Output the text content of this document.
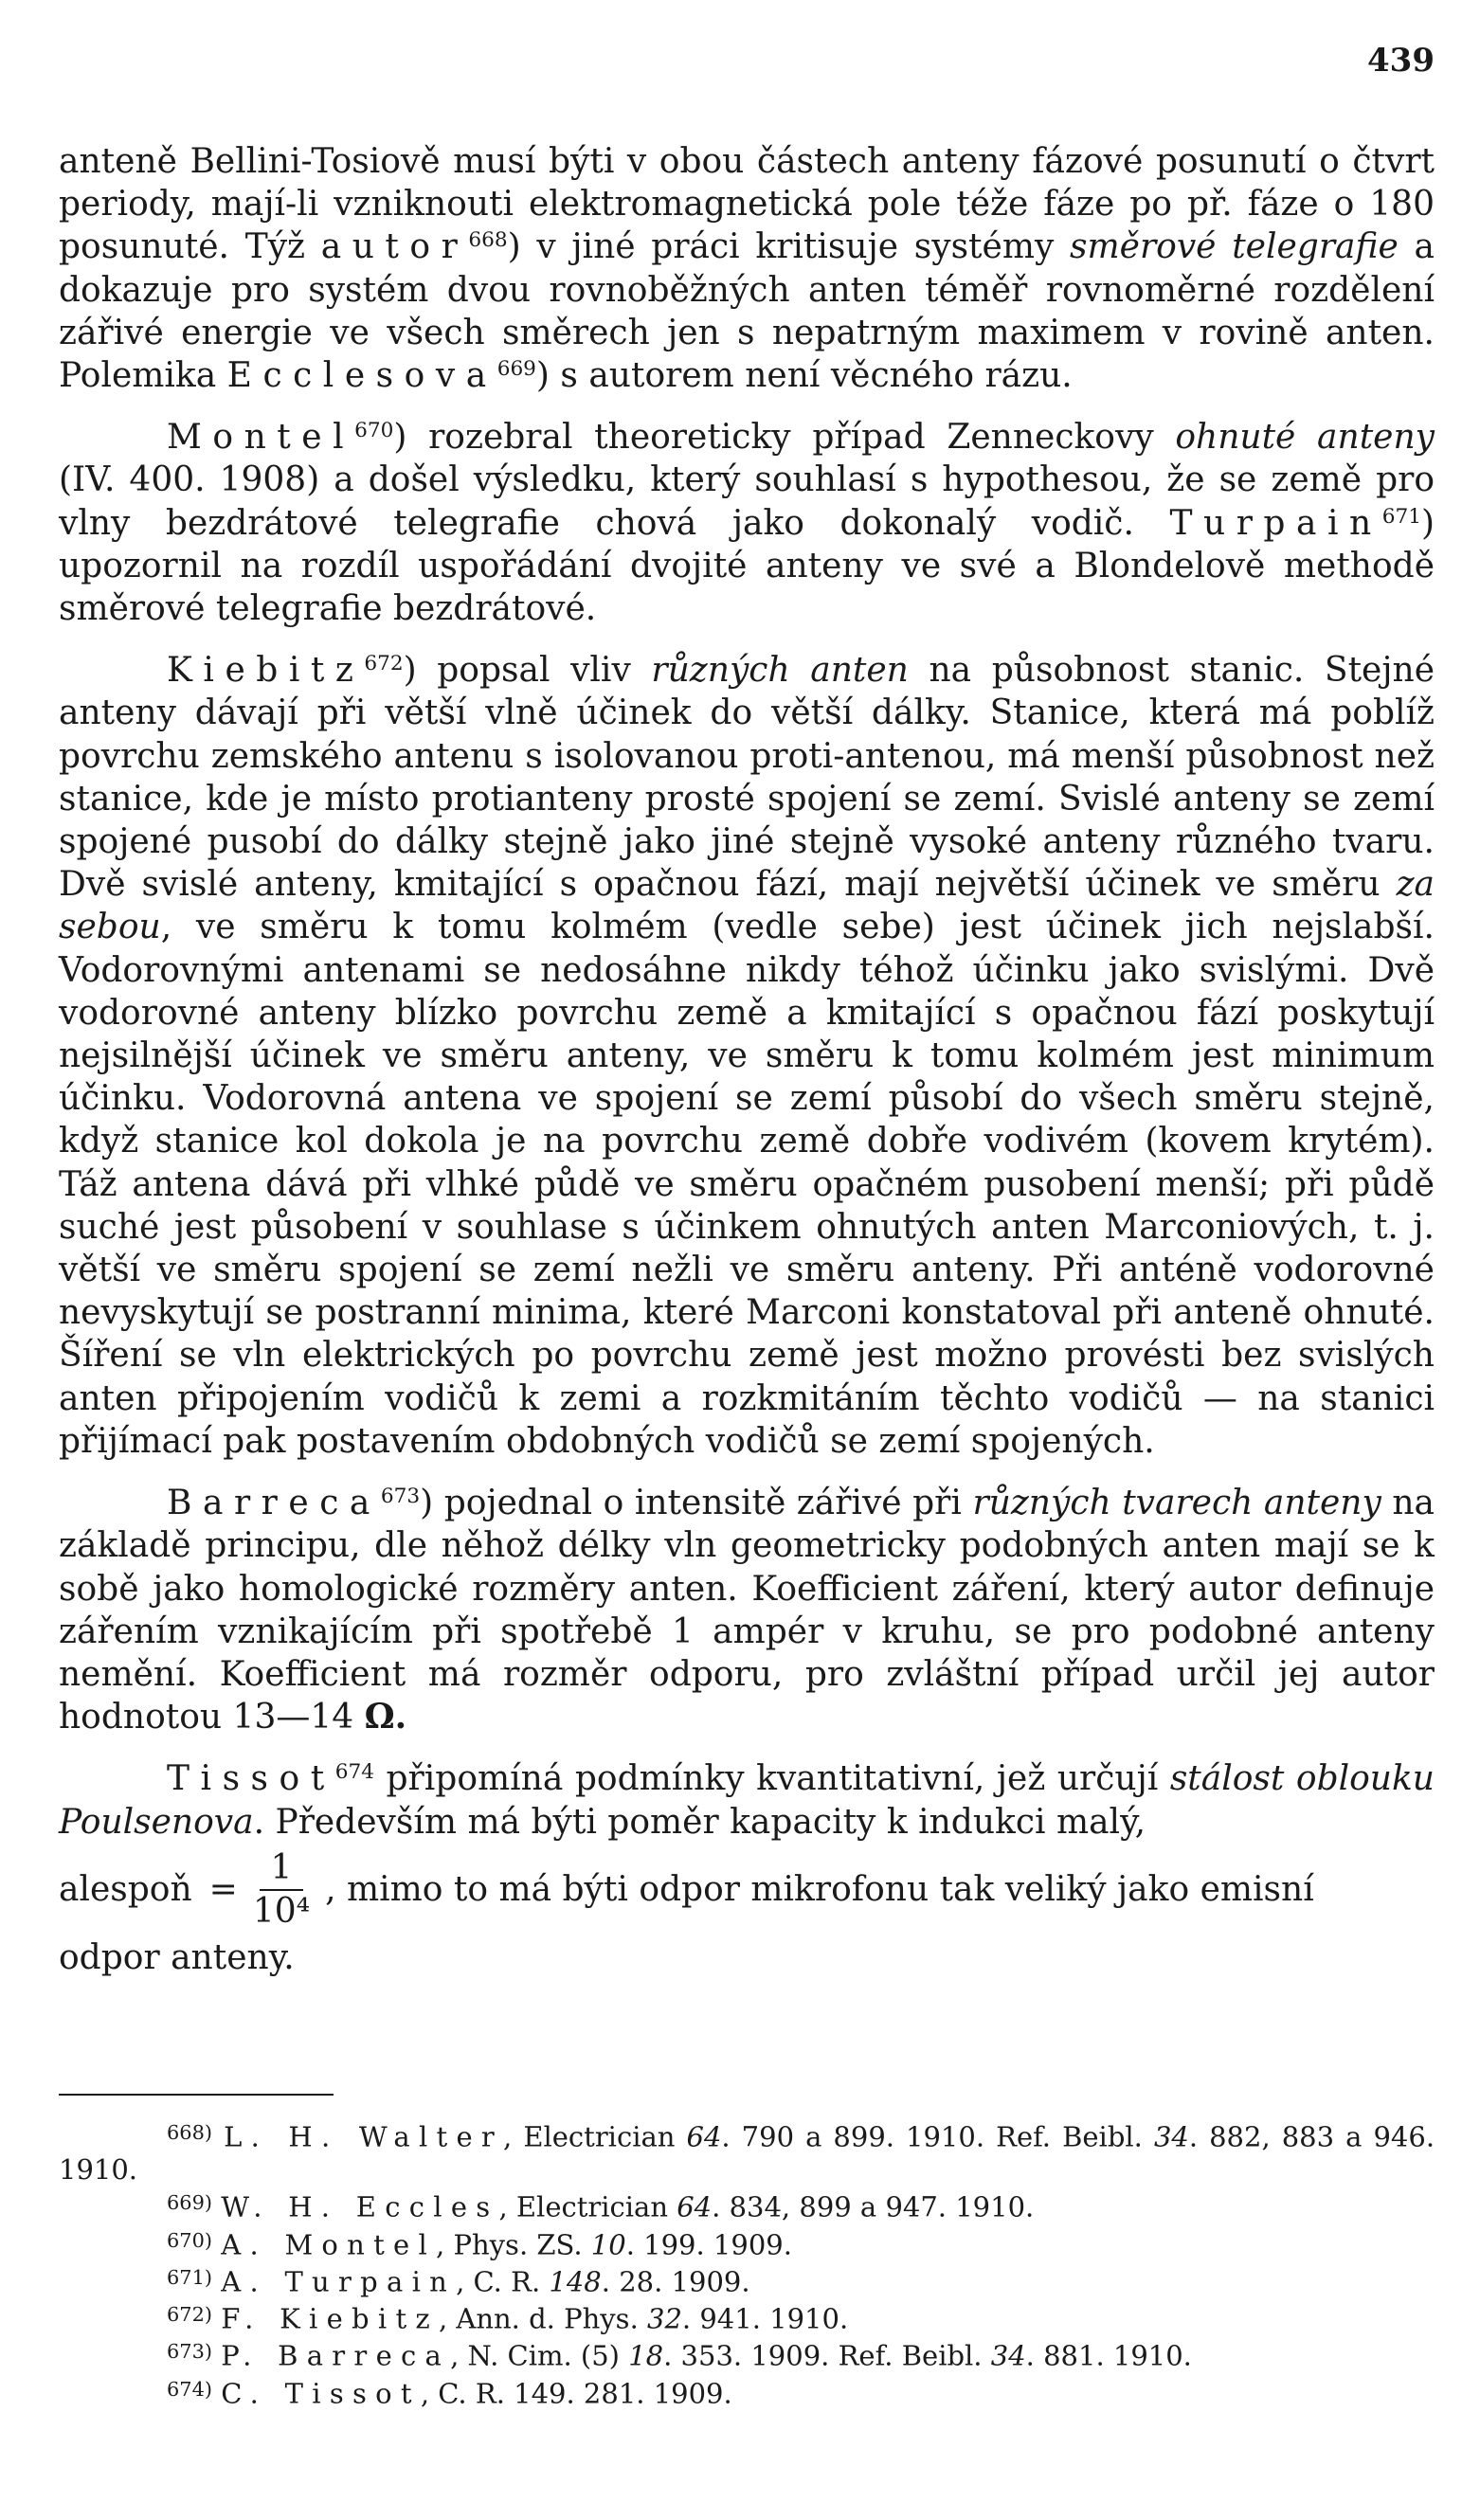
439

anteně Bellini-Tosiově musí býti v obou částech anteny fázové posunutí o čtvrt periody, mají-li vzniknouti elektromagnetická pole téže fáze po př. fáze o 180 posunuté. Týž autor$^{668}$) v jiné práci kritisuje systémy směrové telegrafie a dokazuje pro systém dvou rovnoběžných anten téměř rovnoměrné rozdělení zářivé energie ve všech směrech jen s nepatrným maximem v rovině anten. Polemika Ecclesova$^{669}$) s autorem není věcného rázu.

Montel$^{670}$) rozebral theoreticky případ Zenneckovy ohnuté anteny (IV. 400. 1908) a došel výsledku, který souhlasí s hypothesou, že se země pro vlny bezdrátové telegrafie chová jako dokonalý vodič. Turpain$^{671}$) upozornil na rozdíl uspořádání dvojité anteny ve své a Blondelově methodě směrové telegrafie bezdrátové.

Kiebitz$^{672}$) popsal vliv různých anten na působnost stanic. Stejné anteny dávají při větší vlně účinek do větší dálky. Stanice, která má poblíž povrchu zemského antenu s isolovanou proti-antenou, má menší působnost než stanice, kde je místo protianteny prosté spojení se zemí. Svislé anteny se zemí spojené pusobí do dálky stejně jako jiné stejně vysoké anteny různého tvaru. Dvě svislé anteny, kmitající s opačnou fází, mají největší účinek ve směru za sebou, ve směru k tomu kolmém (vedle sebe) jest účinek jich nejslabší. Vodorovnými antenami se nedosáhne nikdy téhož účinku jako svislými. Dvě vodorovné anteny blízko povrchu země a kmitající s opačnou fází poskytují nejsilnější účinek ve směru anteny, ve směru k tomu kolmém jest minimum účinku. Vodorovná antena ve spojení se zemí působí do všech směru stejně, když stanice kol dokola je na povrchu země dobře vodivém (kovem krytém). Táž antena dává při vlhké půdě ve směru opačném pusobení menší; při půdě suché jest působení v souhlase s účinkem ohnutých anten Marconiových, t. j. větší ve směru spojení se zemí nežli ve směru anteny. Při anténě vodorovné nevyskytují se postranní minima, které Marconi konstatoval při anteně ohnuté. Šíření se vln elektrických po povrchu země jest možno provésti bez svislých anten připojením vodičů k zemi a rozkmitáním těchto vodičů — na stanici přijímací pak postavením obdobných vodičů se zemí spojených.

Barreca$^{673}$) pojednal o intensitě zářivé při různých tvarech anteny na základě principu, dle něhož délky vln geometricky podobných anten mají se k sobě jako homologické rozměry anten. Koefficient záření, který autor definuje zářením vznikajícím při spotřebě 1 ampér v kruhu, se pro podobné anteny nemění. Koefficient má rozměr odporu, pro zvláštní případ určil jej autor hodnotou 13—14 Ω.

Tissot$^{674}$ připomíná podmínky kvantitativní, jež určují stálost oblouku Poulsenova. Především má býti poměr kapacity k indukci malý,

alespoň = $\frac{1}{\text{10⁴}}$ , mimo to má býti odpor mikrofonu tak veliký jako emisní

odpor anteny.

$^{668)}$ L. H. Walter, Electrician 64. 790 a 899. 1910. Ref. Beibl. 34. 882, 883 a 946. 1910.

$^{669)}$ W. H. Eccles, Electrician 64. 834, 899 a 947. 1910.

$^{670)}$ A. Montel, Phys. ZS. 10. 199. 1909.

$^{671)}$ A. Turpain, C. R. 148. 28. 1909.

$^{672)}$ F. Kiebitz, Ann. d. Phys. 32. 941. 1910.

$^{673)}$ P. Barreca, N. Cim. (5) 18. 353. 1909. Ref. Beibl. 34. 881. 1910.

$^{674)}$ C. Tissot, C. R. 149. 281. 1909.
